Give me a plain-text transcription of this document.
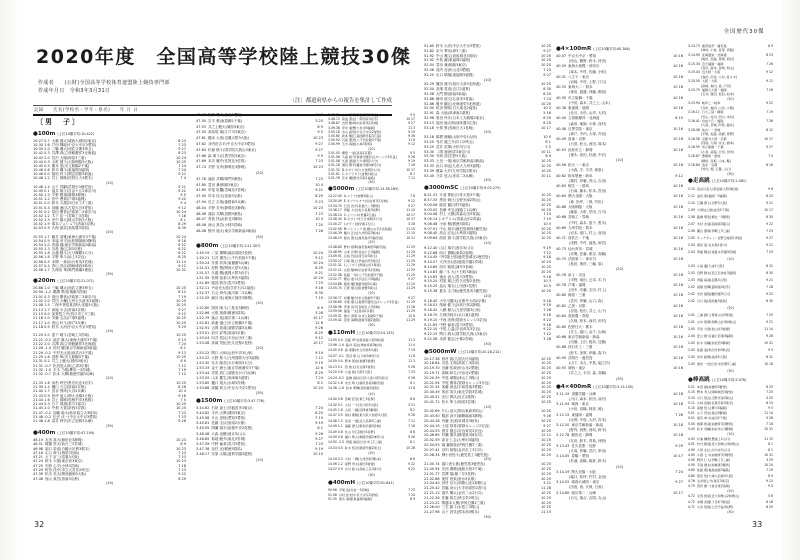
全国歴代30傑
2020年度　全国高等学校陸上競技30傑
作成者　　(公財)全国高等学校体育連盟陸上競技専門部
作成年月日　令和3年3月31日
〔注〕都道府県からの報告を集計して作成
記録　　氏名(学校名・学年・県名)　　年 月 日
〔男　子〕
●100m (上位10傑平均:10.422)
10.27 0.7 大嶋 健太(城西大城西2東京)	8 23
10.30 1.6 戸田 輝政(中京大中京3愛知)	7 23
10.30 2.0 三輪 颯太(西武文理3埼玉)	9 27
10.42 0.3 井澤 真(立命館慶祥3北海道)	8 23
10.43 2.0 宮沢 太陽(海星3三重)	10 24
10.44 0.3 大町 健斗(大阪桐蔭3大阪)	10 25
10.45 0.5 栗本 悠(市立船橋2千葉)	7 24
10.46 0.6 鈴木 颯斗(東福岡3福岡)	7 24
10.46 0.0 板垣 柊斗(開志国際3新潟)	9 21
10.48 1.2 井上 瑠唯(佐野日大3栃木)	7 4
(10)
10.48 1.4 山下 昇嗣(武岡台3鹿児島)	9 21
10.49 0.1 福井 絢斗(自由ケ丘2神奈川)	9 22
10.50 1.3 宇野 勝翔(静岡3静岡)	9 5
10.51 1.2 田中 蒼真(戸畑3福岡)	9 22
10.51 2.0 鈴木 大護(四日市工3三重)	9 4
10.51 0.4 高橋 遼(名古屋大谷3愛知)	9 12
10.51 0.2 島田 開世(法政第二3神奈川)	10 24
10.52 1.2 木下 祐一(宮崎工3宮崎)	7 18
10.52 1.3 田中 陽大(桃山学院3大阪)	8 1
10.52 1.9 塚本ジョシュア(洛南3京都)	8 29
10.53 0.9 久保 維武(高知農3高知)	8 30
(20)
10.53 1.7 藤井 清雅(東海大浦安3千葉)	10 24
10.54 0.9 赤堀 孝平(浜松開誠館3静岡)	8 18
10.54 2.0 田頭 健(東京学館新潟3新潟)	8 22
10.55 1.3 谷島 遼(乙訓3京都)	8 22
10.55 1.8 山越 駿斗(大分舞鶴3大分)	8 22
10.56 1.8 平野 隼斗(添上3奈良)	8 25
10.56 0.5 赤間 一真(仙台育英3宮城)	11 14
10.57 0.4 青山 昇汰(岡崎城西3岐阜)	9 12
10.58 1.7 久保田 隼(鳴門渦潮2徳島)	10 31
(30)
●200m (上位10傑平均:21.071)
20.88 1.0 三輪 颯太(西武文理3埼玉)	10 25
20.94 -1.2 鵜澤 飛羽(築館3宮城)	8 12
21.01 0.3 島田 開世(法政第二3神奈川)	7 19
21.02 1.0 宮田 大輔(九州大久留米3福岡)	10 25
21.08 1.5 二保中斉悠真(関大北陽3大阪)	10 25
21.13 1.7 西堀 永吉(洛南3京都)	9 27
21.15 0.0 加賀悠之介(四日市工3三重)	9 12
21.16 1.0 安藤 圭汰(戸畑3福岡)	10 25
21.17 1.0 西込 吟斗(神戸3兵庫)	10 25
21.18 0.9 鈴木 大河(中京大中京3愛知)	9 25
(10)
21.20 2.0 恵下 暖斗(宮崎工3宮崎)	10 25
21.21 -0.2 福井 隆人(東海大浦安3千葉)	9 13
21.22 2.0 井澤 真(立命館慶祥3北海道)	7 24
21.26 -1.0 田村 駿(東京学館新潟3新潟)	8 1
21.29 -0.2 中村光太郎(西武台3千葉)	9 13
21.29 1.8 浅野 隼(市立船橋3千葉)	10 25
21.31 0.2 井之上駿太(城西3東京)	8 9
21.31 -0.7 松田悠太郎(乙訓3京都)	7 12
21.32 -1.5 平木 乃梨(鉾田一3茨城)	7 19
21.32 -0.7 松本 大輝(報徳学園3兵庫)	7 12
(20)
21.33 1.6 高杉 時史(黒沢尻北3岩手)	10 25
21.39 1.4 樋口 大空(洛南2京都)	8 26
21.40 1.7 渋谷 貴尚(大谷2兵庫)	10 4
21.43 0.9 松坪 遥人(関大北陽3大阪)	9 16
21.44 1.6 井上 瑠唯(島根中央3島根)	7 5
21.44 0.3 日下 瑛翔(美方3福井)	10 25
21.45 2.0 中畑 大智(洛西3京都)	10 25
21.47 -0.2 加藤 聡太(岐阜協立大3岐阜)	7 23
21.48 -0.2 伝法 汰一(中京大中京3愛知)	7 23
21.48 1.8 高井 時史(市立尼崎3兵庫)	9 26
(30)
●400m (上位10傑平均:47.194)
46.19 友田 真大(磐田北3静岡)	10 23
46.51 梶梛 啓太(仙台三3宮城)	8 9
46.98 堀口 泰成(白鷗大足利3栃木)	10 23
47.16 山口 海斗(海星3長崎)	7 23
47.21 大下 宙三(清風3大阪)	7 23
47.24 鈴木 大翔(東京高3東京)	10 23
47.25 矢野 心平(小林3宮崎)	7 18
47.29 町田 佳介(市立大宮北2埼玉)	7 23
47.39 松木 亮太(関西創価3大阪)	9 22
47.46 西山 真吾(洛南3京都)	8 29
(10)
47.48 梅原 颯斗(協立3愛知)	11 7
47.50 吉木 薫(東葛飾2千葉)	3 25
47.53 井之上駿太(城西3東京)	8 9
47.55 高知尾 翔(江戸川3東京)	9 5
47.61 樋本 大喜(近畿大附3大阪)	10 23
47.62 谷内田吉平(中京大中京3愛知)	9 27
47.64 杉浦 慎斗(国学院久我山3東京)	9 27
47.66 森 瑛斗(目黒学院3東京)	9 5
47.69 本多 駿介(佐賀北3佐賀)	7 23
47.74 平野 友幸(静岡北3静岡)	10 23
(20)
47.76 諏訪 共輝(鳴門3徳島)	7 23
47.80 豊田 兼(桐朋3東京)	10 4
47.85 甲斐 世鷹(宮崎北3宮崎)	9 21
47.90 岸本 佳大(洛南3京都)	8 29
47.94 足立 圭哉(姫路商3兵庫)	9 23
48.04 平野 友幸(静岡北3静岡)	10 23
48.06 諏訪 共輝(鳥栖3徳島)	7 23
48.07 青島 快(浜松北3静岡)	10 4
48.08 西山 真吾(小林3宮崎)	7 20
48.08 野内 翔太(東京学館新潟3新潟)	7 26
(30)
●800m (上位10傑平均:1.51.307)
1.49.19 二見 優輝(諏訪清陵3長野)	10 24
1.50.21 石井 優吾(八千代松陰3千葉)	9 12
1.50.24 安齋 祥真(東播磨3兵庫)	10 24
1.51.51 狩野 慧(関西大倉3大阪)	8 29
1.51.57 久慈 颯(盛岡大附3岩手)	9 21
1.51.59 松岡 拓希(大牟田3福岡)	10 24
1.51.69 服部 凱杏(豊川3愛知)	7 23
1.52.11 丹治光太郎(学法石川2福島)	9 16
1.52.37 石元 舜介(滝川第二3兵庫)	8 30
1.52.59 細川 陸(東海大翔洋3静岡)	7 19
(10)
1.52.60 岡田 陽斗(三島北3静岡)	8 9
1.52.66 大熊 琉偉(樹徳2群馬)	3 28
1.52.79 落合 晃(滝川第二1兵庫)	10 17
1.52.81 新妻 遼己(市立船橋3千葉)	12 6
1.52.91 吉岡 拓哉(須磨学園3兵庫)	9 26
1.53.01 前川 紘導(洛南3京都)	8 29
1.53.04 向井 悠汰(宇治山田3三重)	9 12
1.53.08 高城 昊紀(佐久長聖2長野)	10 17
(20)
1.53.12 関口 大和(山形中央3山形)	9 19
1.53.22 大野 聖斗(九州国際大付3福岡)	7 12
1.53.30 友永 隆亮(大分東明3大分)	9 19
1.53.33 金子 兼士(東京学館浦安3千葉)	12 6
1.53.44 宮尾 真仁(須磨友が丘3兵庫)	8 29
1.53.55 山本 羅生(草津東3滋賀)	7 24
1.53.60 樋口 翔太(水城3茨城)	8 2
1.53.66 高橋 莉文(中京大中京2愛知)	10 24
(30)
●1500m (上位10傑平均:3.47.776)
3.44.62 石垣 遥士(早稲田実3東京)	7 24
3.44.82 平沢 大勢(城西3東京)	8 25
3.45.58 片山 忠岐(愛知3愛知)	7 19
3.45.61 佐藤 圭汰(洛南2京都)	9 19
3.45.95 岡瀬 翔平(島根中央2島根)	8 1
3.46.48 大森 直樹(西京3山口)	9 26
3.46.85 菊地 駿介(東北3宮城)	9 27
3.47.09 中野 倫希(豊川3愛知)	7 23
3.47.38 北村 光(樹徳3群馬)	9 19
3.48.17 安原 太陽(滋賀学園3滋賀)	10 10
(10)
3.48.71 中井 慎司(奈良育英3奈良)	9 5
3.48.72 菊池 蒼汰(一関学院3岩手)	10 17
3.48.87 吉居 駿恭(仙台育英2宮城)	9 27
3.49.38 甲木 康博(大牟田3福岡)	11 3
3.50.18 米山 鉄馬(中京大中京2愛知)	9 19
3.50.60 新本 駿(広島国際学院3広島)	9 26
3.50.92 石蔵 優吾(八千代松陰3千葉)	11 8
3.50.99 玉木 両航(小林3宮崎)	9 12
(20)
3.51.05 樫原 一星(洛南1京都)	9 5
3.51.06 大森 椋介(智辯学園奈良カレッジ3奈良)	9 26
3.51.08 久保 遼真(大分東明2大分)	9 19
3.51.18 湯田 陽平(鎌倉学園3神奈川)	7 18
3.51.32 D.キサイサ(大分東明3大分)	10 17
3.51.61 C.キプラガト(倉敷1岡山)	8 1
3.51.76 花木 颯(聖光学院1福島)	7 11
(30)
●5000m (上位10傑平均:13.38.165)
13.22.40 A.マイナ(倉敷2岡山)	7 8
13.30.49 E.キプテルチナ(仙台育英1宮城)	9 12
13.34.74 石田 洸介(東農大二3群馬)	9 27
13.36.17 伊藤 大志(佐久長聖3長野)	11 10
13.38.14 C.ムワンギ(世羅2広島)	10 17
13.38.34 D.キサイサ(大分東明3大分)	10 17
13.40.27 J.モゲノ(遊学館1石川)	3 28
13.42.58 M.パトリック(札幌山の手2北海道)	11 15
13.46.39 鶴川 正也(九州学院3熊本)	11 15
13.48.19 徳丸 寛太(鹿児島実3鹿児島)	10 11
(10)
13.48.83 野村 昭夢(鹿児島城西3鹿児島)	11 29
13.48.99 山本 歩夢(自由ケ丘3福岡)	11 29
13.49.91 白鳥 哲汰(埼玉栄3埼玉)	11 29
13.50.27 石塚 陽士(早稲田実3東京)	11 29
13.51.31 J.ムイガイ(青森山田1青森)	11 29
13.52.11 吉居 駿恭(仙台育英2宮城)	11 29
13.52.38 佐藤 一世(八千代松陰3千葉)	11 29
13.52.77 細谷 建斗(学法石川3福島)	9 27
13.54.88 篠原 楓(須磨学園3兵庫)	11 15
13.55.74 石原 翔太郎(倉敷3岡山)	11 29
(20)
13.56.77 岩瀬 駿介(市立船橋3千葉)	9 27
13.58.80 中原 優人(智辯学園奈良カレッジ3奈良)	11 29
13.58.96 甲斐 涼介(宮崎日大3宮崎)	11 16
13.59.06 溜池 一太(洛南2京都)	11 29
13.59.31 緒方 澪那斗(市立船橋2千葉)	12 6
13.59.42 安原 海晴(滋賀学園2滋賀)	11 29
(30)
●110mH (上位10傑平均:14.135)
13.95 0.4 近藤 翠月(新潟産大附3新潟)	11 3
13.96 -1.4 藤井 亮汰(県岐阜商3岐阜)	11 4
14.05 0.6 森 泰都(市立尼崎3兵庫)	7 19
14.07 -0.1 西河 隼人(川和3神奈川)	11 8
14.09 0.4 野本 周成(愛媛3愛媛)	11 3
14.13 0.1 西 俊太(名古屋2愛知)	9 26
14.20 0.6 小池 綾(大阪2大阪)	7 23
14.24 -0.2 高橋 真鈴(四学大香川西2香川)	9 26
14.32 1.6 末吉 隼人(鹿児島南3鹿児島)	8 1
14.36 -1.6 松本 勇輝(高知農2高知)	11 6
(10)
14.40 0.8 宮崎 匠(佐賀工3佐賀)	8 8
14.42 0.1 大村 一斗(近大附3大阪)	3 21
14.45 1.6 山田 一穂(沼津東3静岡)	8 2
14.47 0.5 菊村 聖騎(東大阪大柏原3大阪)	9 26
14.48 1.5 長田 一渡(近大高専3三重)	7 11
14.49 1.1 遠藤 憲人(聖和学園3宮城)	7 18
14.49 0.8 丸山 玲広(飯田3長野)	8 8
14.49 0.8 樋口 隼人(桐蔭学園2神奈川)	9 26
14.50 -2.3 伊藤 真拓(四日市工1三重)	8 1
14.53 0.5 鈴木 悠河(聖望学園2埼玉)	10 28
(20)
14.54 0.3 川村 一輝(九州学院3熊本)	8 8
14.56 1.2 星野 秀太(新田3愛媛)	9 22
14.57 0.9 吉川 綾斗(高松工芸3香川)	9 22
(30)
●400mH (上位10傑平均:51.641)
50.96 平尾 凪(仙台一3宮城)	7 23
51.08 川村 拓未(中京大中京2愛知)	7 24
51.35 黒木 海翔(東福岡3福岡)	8 9
51.60 鈴木 大洋(中京大中京3愛知)	10 25
51.82 市川 華音(津3三重)	9 27
51.92 中山 颯文(鳥取城北3鳥取)	10 25
51.92 中島 錬(東福岡2福岡)	10 25
52.04 豊田 兼(桐朋3東京)	10 25
52.06 窪内 亮(松山北3愛媛)	7 23
52.25 出口 晴翔(東福岡3福岡)	9 27
(10)
52.29 織田 遼平(旭川大高3北海道)	10 25
52.50 高畑 将成(近江2滋賀)	8 30
52.58 大門 樹(新潟3新潟)	8 25
52.68 種市 改文(弘前実3青森)	7 24
52.86 亀甲 織江(北海道栄3北海道)	10 25
52.90 町田 樹弥(日大東北2福島)	10 3
52.91 森 大地(草津東2滋賀)	5 16
52.96 原田 怜歩(日本工大駒場2東京)	8 29
53.13 福田 倫太朗(西条農3広島)	8 20
53.16 小俣 貴(長崎日大1長崎)	10 17
(20)
53.18 綿貫 理稀(山形中央1山形)	10 5
53.20 寺沢 龍之介(川口2埼玉)	8 1
53.25 武井 武尊(小松3石川)	5 5
53.30 二階 遼(相洋3神奈川)	10 11
53.30 寺西 諒(生野3大阪)	8 9
53.33 土田 一晟(東京学館新潟3新潟)	10 25
53.33 浜口 和也(九産大九州3福岡)	10 25
53.39 樹森 大介(九州学院2熊本)	10 25
53.40 乃井 悠人(育英二3兵庫)	10 11
(30)
●3000mSC (上位10傑平均:9.03.275)
8.51.31 分須 尊紀(日体大柏3千葉)	10 25
8.57.33 黒田 朝日(玉野光南2岡山)	10 25
9.00.06 能島 翼(田村3福島)	10 25
9.03.02 長嶋 幸宝(西脇工1兵庫)	10 25
9.04.08 村上 大樹(青森山田3青森)	7 19
9.05.14 J.キアリエ(青森山田2青森)	7 19
9.06.48 小泉 樹(樹徳3群馬)	10 3
9.07.91 中山 翔平(鹿児島城西3鹿児島)	10 25
9.08.40 高山 匠也(大牟田3福岡)	10 25
9.09.64 清田 慎斗(国学院久我山3東京)	10 25
(10)
9.12.40 山口 翔平(西京3山口)	9 19
9.12.68 西口 優陽(東筑2福岡)	7 12
9.14.45 中村隆士郎(鹿児島城北2鹿児島)	9 18
9.14.57 大内田太郎(鹿島学園2茨城)	10 25
9.14.60 西川 魁星(諫早3長崎)	10 25
9.14.63 藤ノ木 大(十日町3新潟)	10 25
9.14.83 速水 直人(豊川3愛知)	9 18
9.15.20 村尾 雄己(佐久長聖2長野)	10 3
9.15.25 畠山 瑠衣(上田西2長野)	10 5
9.15.38 夏未 圭乃助(鹿児島実3鹿児島)	10 25
(20)
9.16.40 小早川慶汰(京都外大西2京都)	9 18
9.16.51 尾崎 健斗(浜松日体2静岡)	9 19
9.18.42 八鍬 脩人(九里学園3山形)	7 26
9.18.70 久保田琉月(水口東1滋賀)	9 18
9.19.10 中西 洸貴(智辯カレッジ3奈良)	9 22
9.21.83 中野 倫希(豊川3愛知)	9 18
9.22.10 中尾 心温(奈良育英3奈良)	9 22
9.22.15 関口 絢太(国学院久我山3東京)	7 12
9.22.58 米倉 健志(小林2宮崎)	3 28
(30)
●5000mW (上位10傑平均:20.28.212)
20.17.38 西村 波(九国大付3福岡)	10 25
20.18.64 川島 丈瑠(高知工3高知)	10 25
20.19.70 近藤 佑哉(松山北2愛媛)	10 25
20.19.71 高橋 和生(今治北2愛媛)	10 25
20.20.39 中島 頌陽(津山工3岡山)	10 25
20.21.94 中尾 優希(智辯カレッジ3奈良)	10 25
20.31.34 加藤 誠也(宇和島東3愛媛)	10 25
20.40.49 阿部 泰久(東北学院3宮城)	10 25
20.40.51 北川 貫汰(近江2滋賀)	10 25
20.41.72 松永 隼斗(明成3宮城)	10 25
(10)
20.42.69 片山 直大(岡山東商3岡山)	10 25
20.43.50 服部 涼平(御殿場南3静岡)	9 26
20.44.18 内藤 光(岐阜城北3岐阜)	10 25
20.44.19 土屋 基希(智辯カレッジ2奈良)	9 27
20.44.53 酒井 健志(奈良育英2奈良)	10 25
20.46.69 村瀬 優多(横須賀3神奈川)	12 12
20.52.39 高谷 仁志(大牟田3福岡)	10 25
20.54.93 堀 翼篤哉(伊賀白鳳3三重)	10 25
20.57.41 谷内 琉聖(金沢市工3石川)	10 25
20.58.34 柳小田悠斗(鹿児島工3鹿児島)	10 25
(20)
21.00.74 堀口虎太郎(鹿児島3鹿児島)	10 25
21.00.94 安西 優磨(流経大柏3千葉)	10 25
21.01.77 宮澤 翔(篠ノ井3長野)	10 25
21.02.68 奥村 州致(洛水3京都)	10 25
21.04.40 田村 宜大(和歌山北2和歌山)	3 21
21.20.42 宮脇 涼太(大手前高松2香川)	11 28
21.21.13 風早 颯太(金沢二水2石川)	10 25
21.22.36 佐藤 琉生(埼玉栄2埼玉)	10 25
21.23.22 陶器本大樹(伊賀白鳳2三重)	10 25
21.26.00 三宅 叡斗(水島工3岡山)	10 25
21.27.98 山下 諒気(熊本西3熊本)	11 15
(30)
●4×100mR (上位10傑平均:40.384)
40.07 中京大中京・愛知	10 16
(西山, 鶴野, 鈴木, 河田)
40.29 東海大相模・神奈川	10 16
(塚本, 中村, 佐藤, 小町)
40.31 八王子・東京	10 16
(岩崎, 中村, 上野, 江口)
40.33 東海大二・熊本	10 16
(神田, 渡邉, 斉藤, 桐田)
40.35 市立船橋・千葉	10 16
(中田, 森本, 井之上, 山本)
40.38 東福岡・福岡	10 16
(北川, 永松, 山岸, 大村)
40.40 立命館慶祥・北海道	8 15
(森田, 薬師, 小林, 西村)
40.48 目黒学院・東京	10 16
(神戸, 中内, 大塚, 内田)
40.49 洛南・京都	10 16
(石田, 松元, 西田, 塚本)
40.53 浜松市立・静岡	10 16
(徳永, 島田, 杉浦, 中沢)
(10)
40.56 拓大一・東京	10 16
(小森, 守, 今井, 桑原)
40.62 岐阜聖徳・岐阜	9 12
(栗村, 伊藤, 青山, 吉田)
40.63 桐生一・群馬	10 16
(石塚, 藤本, 松本, 宮田)
40.64 関大北陽・大阪	10 16
(林, 松坪, 二保, 竹田)
40.66 大阪桐蔭・大阪	10 16
(藤原, 大町, 栄田, 白川)
40.68 宮崎工・宮崎	10 16
(中村, 森本, 恵下, 黒木)
40.69 九州学院・熊本	10 16
(岩本, 坂口, 村上, 前田)
40.71 西武台・千葉	10 16
(浅野, 中村, 福島, 雨宮)
40.73 仙台育英・宮城	10 16
(赤間, 佐藤, 熊谷, 高橋)
40.75 法政第二・神奈川	10 16
(島田, 奥村, 三輪, 原)
(20)
40.76 添上・奈良	10 16
(平野, 東田, 辻本, 木下)
40.78 戸畑・福岡	10 16
(田中, 安藤, 吉田, 村上)
40.80 海星・三重	10 16
(宮沢, 伊藤, 山口, 森)
40.82 乙訓・京都	10 16
(谷島, 松田, 井上, 山下)
40.84 高知農・高知	10 16
(久保, 松本, 西村, 田村)
40.85 佐野日大・栃木	10 16
(井上, 堀口, 金子, 山崎)
40.86 東京学館新潟・新潟	10 16
(田頭, 土田, 板垣, 近藤)
40.88 四日市工・三重	10 16
(鈴木, 加賀, 伊藤, 森下)
40.90 武岡台・鹿児島	10 16
(山下, 末吉, 中島, 堀之内)
40.93 城西・東京	10 16
(井之上, 平沢, 森, 高橋)
(30)
●4×400mR (上位10傑平均:3.13.105)
3.11.19 須磨学園・兵庫	10 18
(川口, 森本, 松田, 前沢)
3.11.94 城西・東京	10 18
(小田, 高橋, 阿部, 郷)
3.12.15 東福岡・福岡	7 26
(毛利, 中島, 大村, 宮本)
3.12.20 東京学館新潟・新潟	10 18
(野内, 西野, 西垣, 鈴木)
3.12.78 磐田北・静岡	10 18
(友田, 鈴木, 青島, 河野)
3.13.43 佐久長聖・長野	9 29
(大塚, 伊藤, 宮沢, 串田)
3.14.05 豊橋・愛知	10 17
(杉浦, 高橋, 朝倉, 鈴木)
(10)
3.14.19 関大北陽・大阪	7 24
(堀口, 松坪, 竹村, 金田)
3.14.52 城西大城西・東京	9 27
(田島, 西, 久保, 日高)
3.14.60 滝川第二・兵庫	10 17
(石元, 落合, 吉岡, 丸山)
3.14.73 鹿児島実・鹿児島	8 9
(神村, 小倉, 宮里, 伊藤)
3.14.90 北海道栄・北海道	8 23
(亀田, 近藤, 馬場, 西村)
3.15.34 近大福岡・福岡	7 26
(有田, 藤本, 宮崎, 知山)
3.15.43 近大附・大阪	9 12
(森田, 田村, 大村, 佐々木)
3.15.50 大阪・大阪	9 12
(浜崎, 森内, 森, 戸田)
3.15.79 福岡大大濠・福岡	7 26
(石井, 織田, 佐伯, 松本)
(20)
3.15.94 岐阜工・岐阜	9 22
(寺町, 福田, 山田, 小栗)
3.16.11 日大三島・静岡	7 19
(竹山, 村田, 西川, 市村)
3.16.41 自由ケ丘・福岡	7 26
(大庭, 宮城, 阿部, 藤井)
3.16.48 仙台一・宮城	8 12
(平尾, 佐藤, 高橋, 菅野)
3.16.58 京都外大西・京都	10 17
(西島, 大岡, 井圭, 橋本)
3.16.59 市立船橋・千葉	9 27
(小倉, 斎藤, 宇田, 田所)
3.16.67 豊橋南・愛知	7 5
(柳田, 彦坂, 山本, 縣)
3.16.84 洛北・京都	8 16
(竹内, 堀, 玉置, 山口)
(30)
●走高跳 (上位10傑平均:2.081)
2.15 長谷川直人(新潟産大附3新潟)	9 6
2.12 池田 蒼(福岡一3福岡)	8 20
2.10 広隅 貴士(生野3大阪)	9 21
2.09 大塚仙之助(成田2千葉)	10 17
2.08 藤橋 明宏(桐生一3群馬)	8 30
2.07 木村 友哉(高岡商3富山)	9 22
2.06 瀬古 優貴(伊勢工3三重)	7 23
2.05 チェクカレン・J(野辺地西1青森)	9 27
2.04 岡田 遥斗(丸亀1香川)	9 21
2.04 伊藤 陽生(常盤木学園3宮城)	7 29
(10)
2.03 小島 蓮(大成2大阪)	8 31
2.03 宮野 隆太(近江兄弟社3滋賀)	8 30
2.03 斉藤 真哉(羽黒3山形)	9 21
2.02 高橋 洸輝(盛岡南3岩手)	7 18
2.02 米沢 瑠偉(鵬学園3石川)	9 22
2.02 川口 俊(高知農3高知)	8 30
(20)
2.01 三浦 碧仁(青森山田3青森)	7 25
2.01 山中 保貴(和歌山北3和歌山)	9 21
2.00 平田 大智(松山北3愛媛)	11 14
2.00 安立 雄斗(福大若葉3福岡)	9 28
2.00 鈴木 亮輔(浜松西3静岡)	10 31
2.00 佐藤 凌(秋田令和3秋田)	9 5
2.00 田中 皓貴(高津3大阪)	8 31
2.00 奥田 一世(四日市四郷3三重)	10 18
(30)
●棒高跳 (上位10傑平均:5.076)
5.21 本宮 慎(前橋西3群馬)	8 25
5.15 野本 考人(岡崎城西3愛知)	7 25
5.15 川口 悠汰(玉野光南2岡山)	3 20
5.11 小林 直樹(目黒学院3東京)	8 15
5.10 高橋 悠人(柳川3福岡)	9 5
5.01 山下 哲也(島田3静岡)	11 14
5.01 塩尻 恭斗(成田2千葉)	9 28
5.00 柄澤 智哉(前橋育英3群馬)	7 18
5.00 鈴木 亮輔(浜松市立3静岡)	10 31
(10)
4.92 杉浦 麟勇(豊浦工2山口)	11 15
4.91 竹内 陽哉(近大和歌山3和歌山)	8 1
4.90 大塚 丈(山口中央3山口)	8 1
4.90 小暮 七斗(前橋育英3群馬)	10 31
4.90 野沢 仁人(伊勢工3三重)	3 29
4.90 手島 健太(前橋東3群馬)	10 24
4.80 佐藤 翔(福島成蹊3福島)	7 19
4.80 恩田 悠(大体大浪商3大阪)	8 9
4.76 太田頃之介(東京3東京)	9 12
4.75 西沢 練一(倉吉東2鳥取)	9 5
(20)
4.72 毛利 智星(近大和歌山2和歌山)	5 6
4.72 本間 武瑠(十日町3新潟)	8 18
4.71 小田 悠真(上田千曲3長野)	8 29
(30)
32	33
